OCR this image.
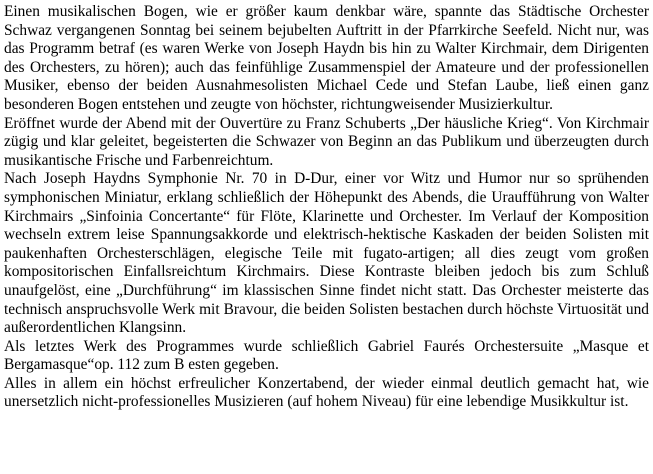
Einen musikalischen Bogen, wie er größer kaum denkbar wäre, spannte das Städtische Orchester Schwaz vergangenen Sonntag bei seinem bejubelten Auftritt in der Pfarrkirche Seefeld. Nicht nur, was das Programm betraf (es waren Werke von Joseph Haydn bis hin zu Walter Kirchmair, dem Dirigenten des Orchesters, zu hören); auch das feinfühlige Zusammenspiel der Amateure und der professionellen Musiker, ebenso der beiden Ausnahmesolisten Michael Cede und Stefan Laube, ließ einen ganz besonderen Bogen entstehen und zeugte von höchster, richtungweisender Musizierkultur.

Eröffnet wurde der Abend mit der Ouvertüre zu Franz Schuberts „Der häusliche Krieg“. Von Kirchmair zügig und klar geleitet, begeisterten die Schwazer von Beginn an das Publikum und überzeugten durch musikantische Frische und Farbenreichtum.

Nach Joseph Haydns Symphonie Nr. 70 in D-Dur, einer vor Witz und Humor nur so sprühenden symphonischen Miniatur, erklang schließlich der Höhepunkt des Abends, die Uraufführung von Walter Kirchmairs „Sinfoinia Concertante“ für Flöte, Klarinette und Orchester. Im Verlauf der Komposition wechseln extrem leise Spannungsakkorde und elektrisch-hektische Kaskaden der beiden Solisten mit paukenhaften Orchesterschlägen, elegische Teile mit fugato-artigen; all dies zeugt vom großen kompositorischen Einfallsreichtum Kirchmairs. Diese Kontraste bleiben jedoch bis zum Schluß unaufgelöst, eine „Durchführung“ im klassischen Sinne findet nicht statt. Das Orchester meisterte das technisch anspruchsvolle Werk mit Bravour, die beiden Solisten bestachen durch höchste Virtuosität und außerordentlichen Klangsinn.

Als letztes Werk des Programmes wurde schließlich Gabriel Faurés Orchestersuite „Masque et Bergamasque“op. 112 zum B esten gegeben.

Alles in allem ein höchst erfreulicher Konzertabend, der wieder einmal deutlich gemacht hat, wie unersetzlich nicht-professionelles Musizieren (auf hohem Niveau) für eine lebendige Musikkultur ist.
